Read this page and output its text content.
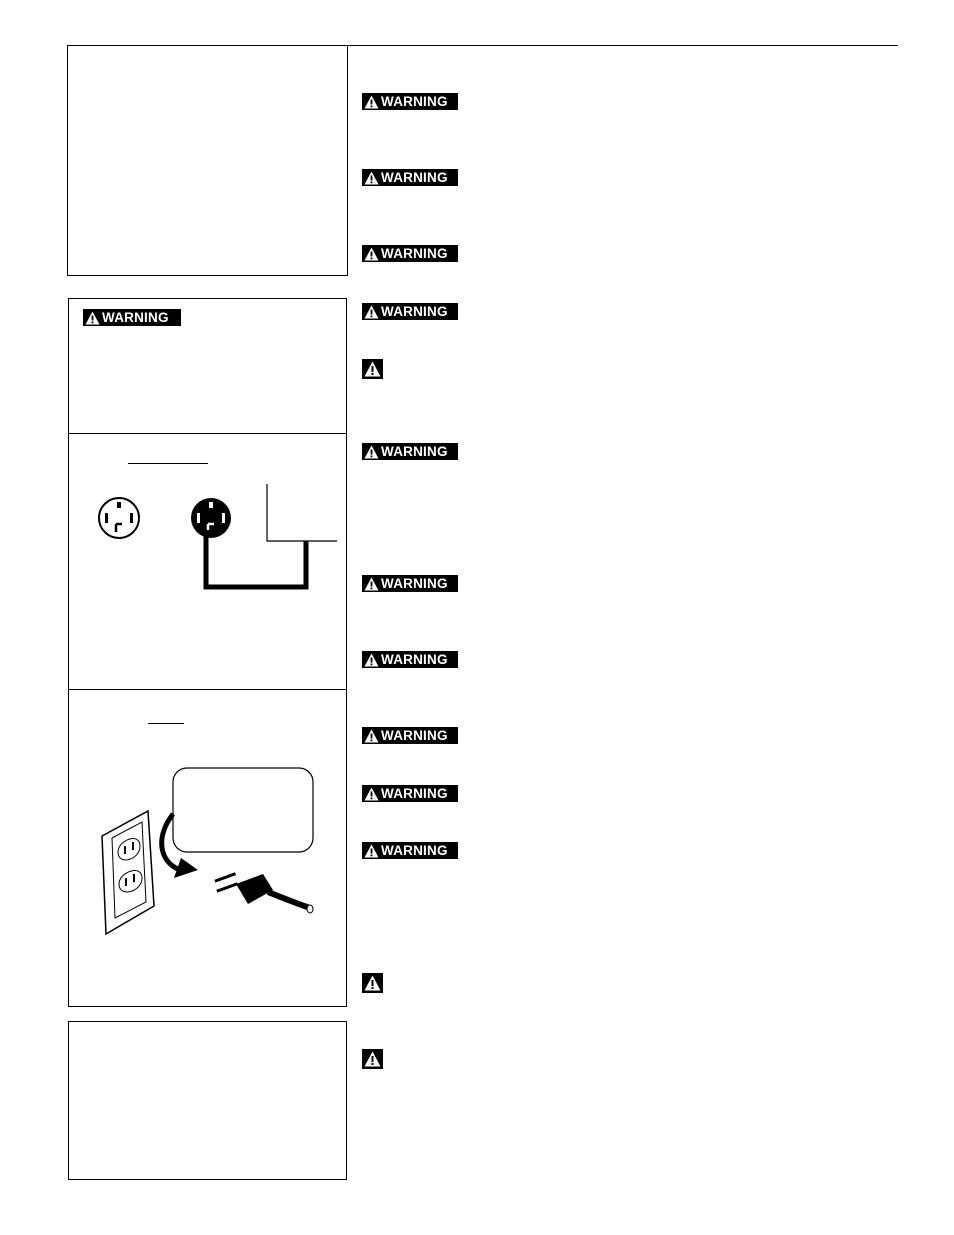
WARNING
WARNING
WARNING
WARNING
WARNING
WARNING
WARNING
WARNING
WARNING
WARNING
WARNING
